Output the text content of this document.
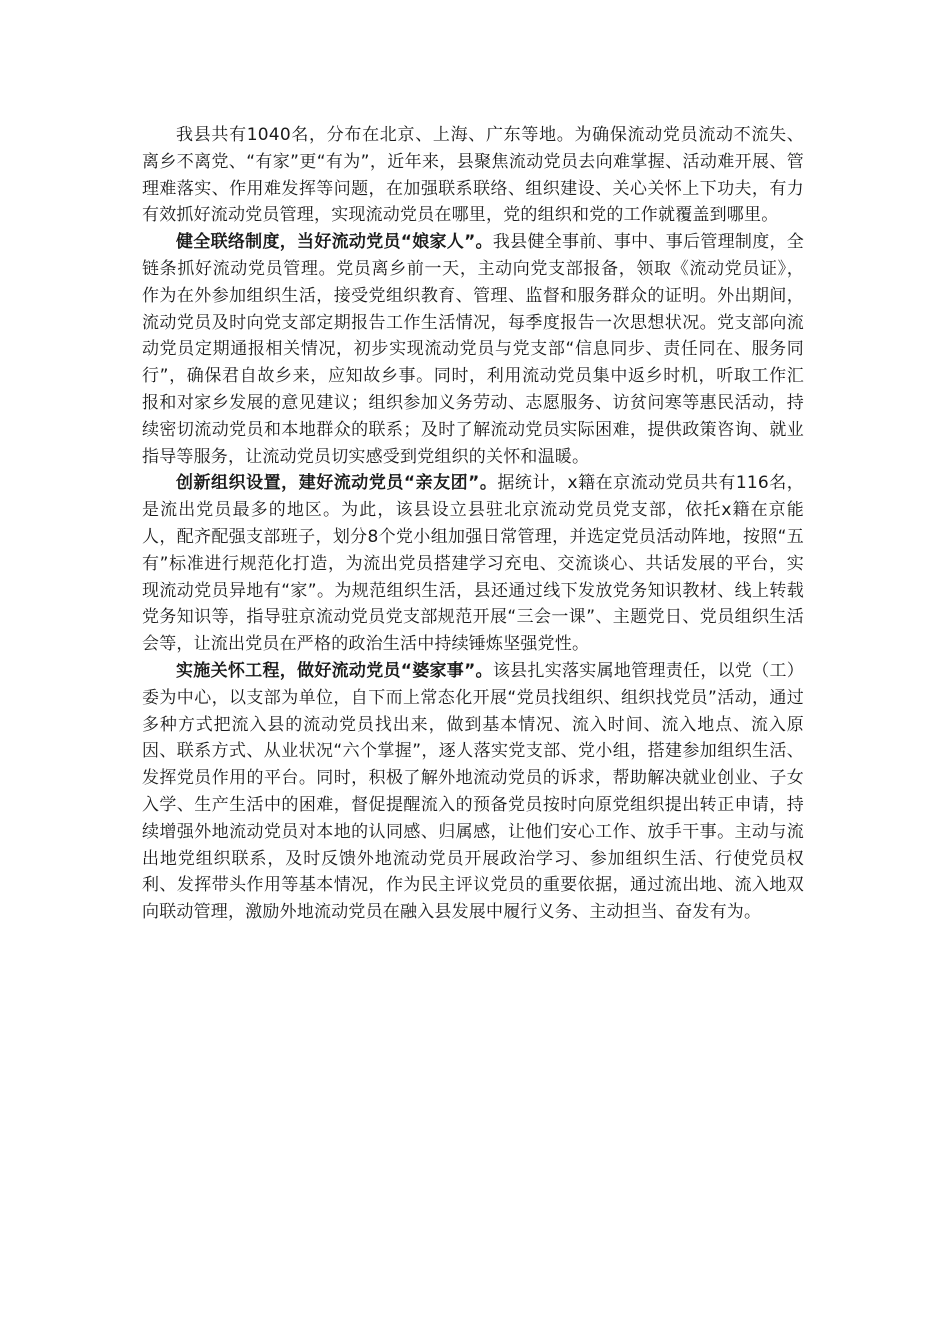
我县共有1040名，分布在北京、上海、广东等地。为确保流动党员流动不流失、离乡不离党、“有家”更“有为”，近年来，县聚焦流动党员去向难掌握、活动难开展、管理难落实、作用难发挥等问题，在加强联系联络、组织建设、关心关怀上下功夫，有力有效抓好流动党员管理，实现流动党员在哪里，党的组织和党的工作就覆盖到哪里。

健全联络制度，当好流动党员“娘家人”。我县健全事前、事中、事后管理制度，全链条抓好流动党员管理。党员离乡前一天，主动向党支部报备，领取《流动党员证》，作为在外参加组织生活，接受党组织教育、管理、监督和服务群众的证明。外出期间，流动党员及时向党支部定期报告工作生活情况，每季度报告一次思想状况。党支部向流动党员定期通报相关情况，初步实现流动党员与党支部“信息同步、责任同在、服务同行”，确保君自故乡来，应知故乡事。同时，利用流动党员集中返乡时机，听取工作汇报和对家乡发展的意见建议；组织参加义务劳动、志愿服务、访贫问寒等惠民活动，持续密切流动党员和本地群众的联系；及时了解流动党员实际困难，提供政策咨询、就业指导等服务，让流动党员切实感受到党组织的关怀和温暖。

创新组织设置，建好流动党员“亲友团”。据统计，x籍在京流动党员共有116名，是流出党员最多的地区。为此，该县设立县驻北京流动党员党支部，依托x籍在京能人，配齐配强支部班子，划分8个党小组加强日常管理，并选定党员活动阵地，按照“五有”标准进行规范化打造，为流出党员搭建学习充电、交流谈心、共话发展的平台，实现流动党员异地有“家”。为规范组织生活，县还通过线下发放党务知识教材、线上转载党务知识等，指导驻京流动党员党支部规范开展“三会一课”、主题党日、党员组织生活会等，让流出党员在严格的政治生活中持续锤炼坚强党性。

实施关怀工程，做好流动党员“婆家事”。该县扎实落实属地管理责任，以党（工）委为中心，以支部为单位，自下而上常态化开展“党员找组织、组织找党员”活动，通过多种方式把流入县的流动党员找出来，做到基本情况、流入时间、流入地点、流入原因、联系方式、从业状况“六个掌握”，逐人落实党支部、党小组，搭建参加组织生活、发挥党员作用的平台。同时，积极了解外地流动党员的诉求，帮助解决就业创业、子女入学、生产生活中的困难，督促提醒流入的预备党员按时向原党组织提出转正申请，持续增强外地流动党员对本地的认同感、归属感，让他们安心工作、放手干事。主动与流出地党组织联系，及时反馈外地流动党员开展政治学习、参加组织生活、行使党员权利、发挥带头作用等基本情况，作为民主评议党员的重要依据，通过流出地、流入地双向联动管理，激励外地流动党员在融入县发展中履行义务、主动担当、奋发有为。
